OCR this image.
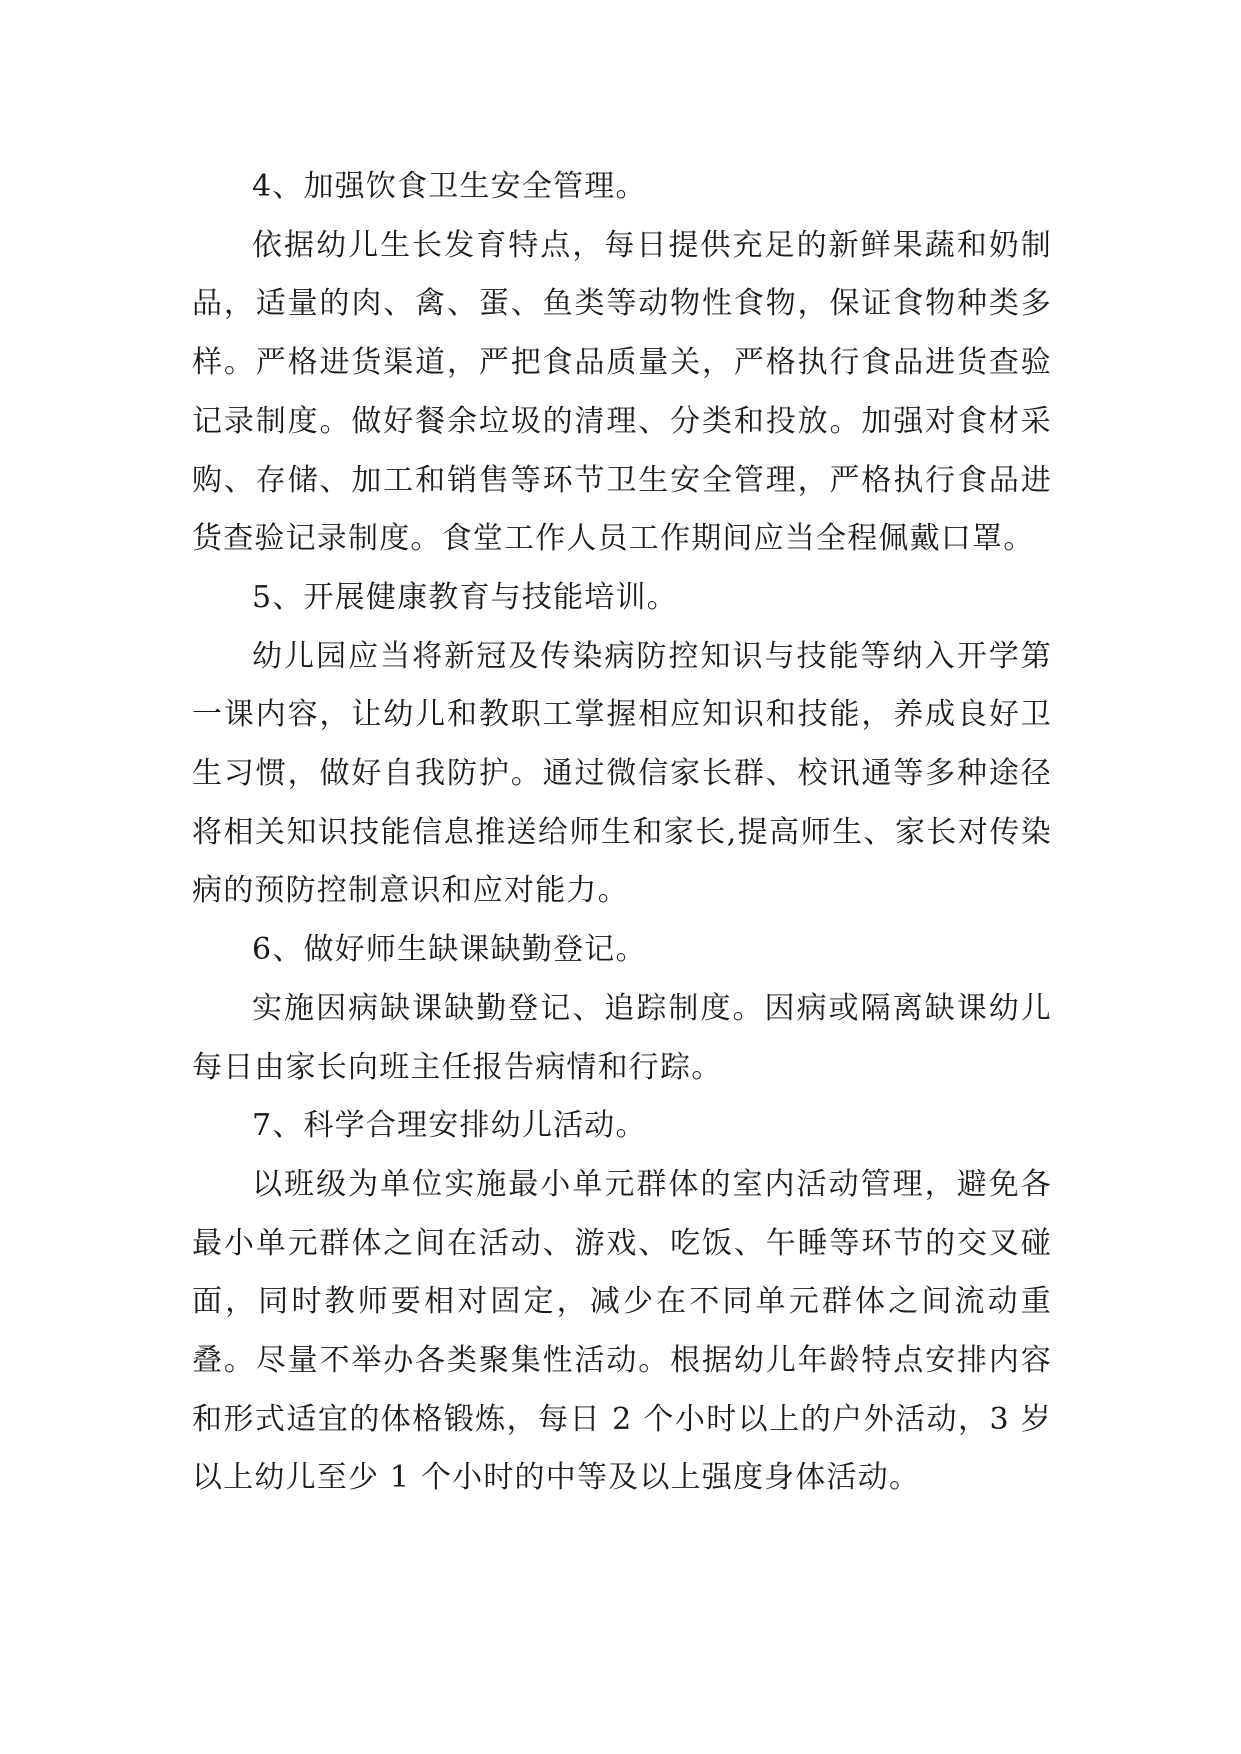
4、加强饮食卫生安全管理。

依据幼儿生长发育特点，每日提供充足的新鲜果蔬和奶制品，适量的肉、禽、蛋、鱼类等动物性食物，保证食物种类多样。严格进货渠道，严把食品质量关，严格执行食品进货查验记录制度。做好餐余垃圾的清理、分类和投放。加强对食材采购、存储、加工和销售等环节卫生安全管理，严格执行食品进货查验记录制度。食堂工作人员工作期间应当全程佩戴口罩。

5、开展健康教育与技能培训。

幼儿园应当将新冠及传染病防控知识与技能等纳入开学第一课内容，让幼儿和教职工掌握相应知识和技能，养成良好卫生习惯，做好自我防护。通过微信家长群、校讯通等多种途径将相关知识技能信息推送给师生和家长,提高师生、家长对传染病的预防控制意识和应对能力。

6、做好师生缺课缺勤登记。

实施因病缺课缺勤登记、追踪制度。因病或隔离缺课幼儿每日由家长向班主任报告病情和行踪。

7、科学合理安排幼儿活动。

以班级为单位实施最小单元群体的室内活动管理，避免各最小单元群体之间在活动、游戏、吃饭、午睡等环节的交叉碰面，同时教师要相对固定，减少在不同单元群体之间流动重叠。尽量不举办各类聚集性活动。根据幼儿年龄特点安排内容和形式适宜的体格锻炼，每日 2 个小时以上的户外活动，3 岁以上幼儿至少 1 个小时的中等及以上强度身体活动。
